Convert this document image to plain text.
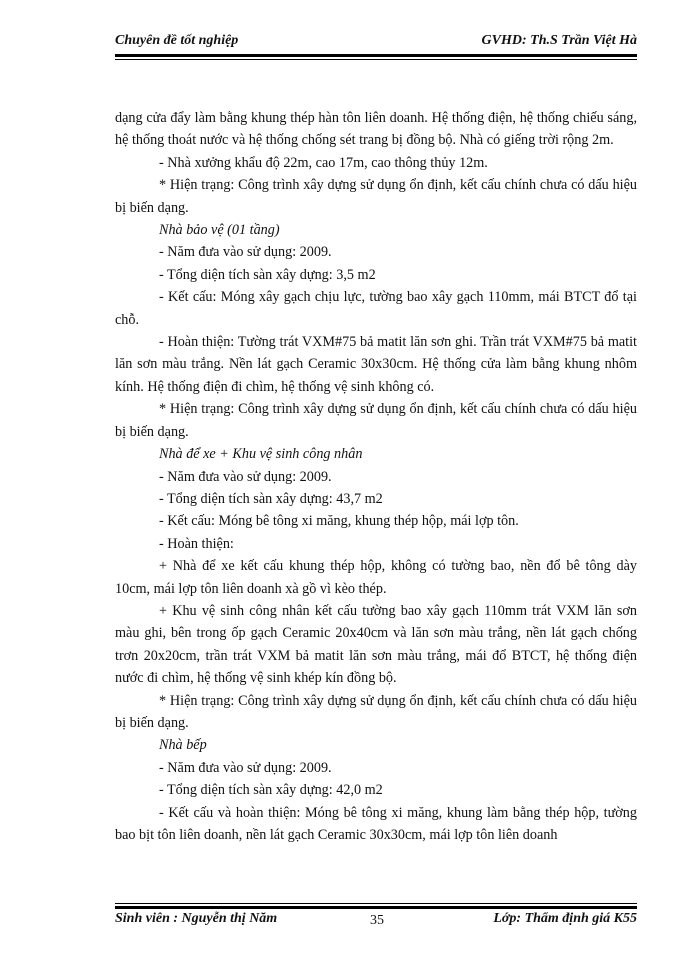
Chuyên đề tốt nghiệp	GVHD: Th.S Trần Việt Hà

dạng cửa đẩy làm bằng khung thép hàn tôn liên doanh. Hệ thống điện, hệ thống chiếu sáng, hệ thống thoát nước và hệ thống chống sét trang bị đồng bộ. Nhà có giếng trời rộng 2m.

- Nhà xưởng khẩu độ 22m, cao 17m, cao thông thủy 12m.

* Hiện trạng: Công trình xây dựng sử dụng ổn định, kết cấu chính chưa có dấu hiệu bị biến dạng.

Nhà bảo vệ (01 tầng)

- Năm đưa vào sử dụng: 2009.

- Tổng diện tích sàn xây dựng: 3,5 m2

- Kết cấu: Móng xây gạch chịu lực, tường bao xây gạch 110mm, mái BTCT đổ tại chỗ.

- Hoàn thiện: Tường trát VXM#75 bả matit lăn sơn ghi. Trần trát VXM#75 bả matit lăn sơn màu trắng. Nền lát gạch Ceramic 30x30cm. Hệ thống cửa làm bằng khung nhôm kính. Hệ thống điện đi chìm, hệ thống vệ sinh không có.

* Hiện trạng: Công trình xây dựng sử dụng ổn định, kết cấu chính chưa có dấu hiệu bị biến dạng.

Nhà để xe + Khu vệ sinh công nhân

- Năm đưa vào sử dụng: 2009.

- Tổng diện tích sàn xây dựng: 43,7 m2

- Kết cấu: Móng bê tông xi măng, khung thép hộp, mái lợp tôn.

- Hoàn thiện:

+ Nhà để xe kết cấu khung thép hộp, không có tường bao, nền đổ bê tông dày 10cm, mái lợp tôn liên doanh xà gồ vì kèo thép.

+ Khu vệ sinh công nhân kết cấu tường bao xây gạch 110mm trát VXM lăn sơn màu ghi, bên trong ốp gạch Ceramic 20x40cm và lăn sơn màu trắng, nền lát gạch chống trơn 20x20cm, trần trát VXM bả matit lăn sơn màu trắng, mái đổ BTCT, hệ thống điện nước đi chìm, hệ thống vệ sinh khép kín đồng bộ.

* Hiện trạng: Công trình xây dựng sử dụng ổn định, kết cấu chính chưa có dấu hiệu bị biến dạng.

Nhà bếp

- Năm đưa vào sử dụng: 2009.

- Tổng diện tích sàn xây dựng: 42,0 m2

- Kết cấu và hoàn thiện: Móng bê tông xi măng, khung làm bằng thép hộp, tường bao bịt tôn liên doanh, nền lát gạch Ceramic 30x30cm, mái lợp tôn liên doanh

Sinh viên : Nguyễn thị Năm	35	Lớp: Thẩm định giá K55
